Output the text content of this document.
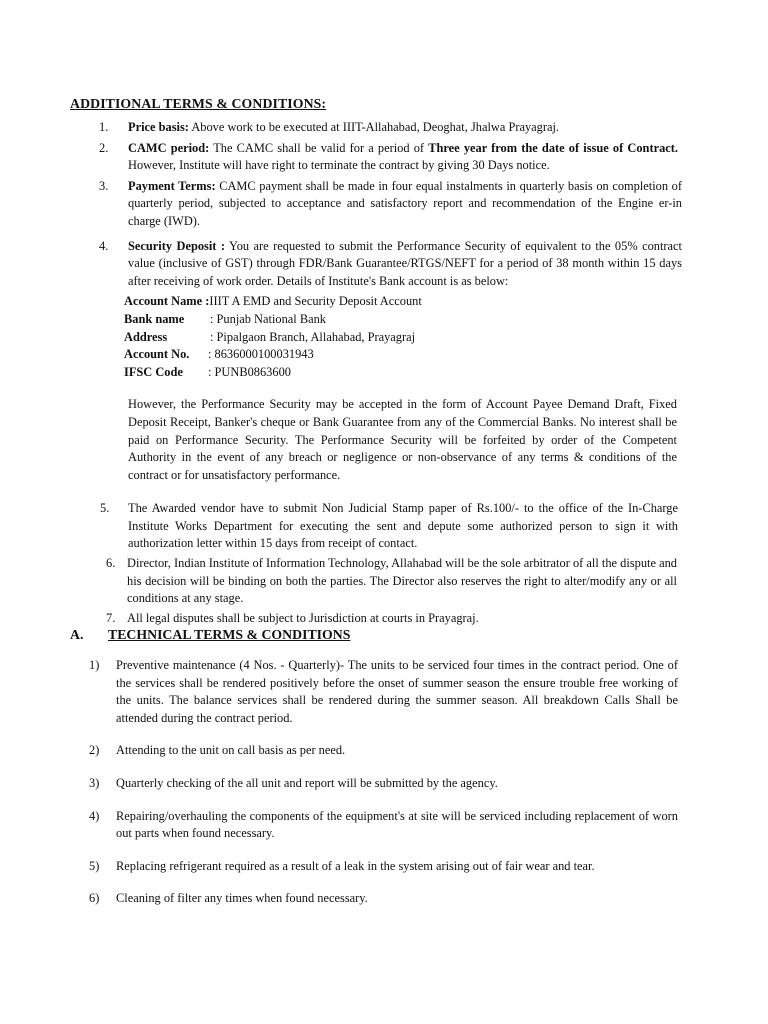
ADDITIONAL TERMS & CONDITIONS:
1. Price basis: Above work to be executed at IIIT-Allahabad, Deoghat, Jhalwa Prayagraj.
2. CAMC period: The CAMC shall be valid for a period of Three year from the date of issue of Contract. However, Institute will have right to terminate the contract by giving 30 Days notice.
3. Payment Terms: CAMC payment shall be made in four equal instalments in quarterly basis on completion of quarterly period, subjected to acceptance and satisfactory report and recommendation of the Engine er-in charge (IWD).
4. Security Deposit : You are requested to submit the Performance Security of equivalent to the 05% contract value (inclusive of GST) through FDR/Bank Guarantee/RTGS/NEFT for a period of 38 month within 15 days after receiving of work order. Details of Institute's Bank account is as below:
Account Name : IIIT A EMD and Security Deposit Account
Bank name	: Punjab National Bank
Address	: Pipalgaon Branch, Allahabad, Prayagraj
Account No.	: 8636000100031943
IFSC Code	: PUNB0863600
However, the Performance Security may be accepted in the form of Account Payee Demand Draft, Fixed Deposit Receipt, Banker's cheque or Bank Guarantee from any of the Commercial Banks. No interest shall be paid on Performance Security. The Performance Security will be forfeited by order of the Competent Authority in the event of any breach or negligence or non-observance of any terms & conditions of the contract or for unsatisfactory performance.
5. The Awarded vendor have to submit Non Judicial Stamp paper of Rs.100/- to the office of the In-Charge Institute Works Department for executing the sent and depute some authorized person to sign it with authorization letter within 15 days from receipt of contact.
6. Director, Indian Institute of Information Technology, Allahabad will be the sole arbitrator of all the dispute and his decision will be binding on both the parties. The Director also reserves the right to alter/modify any or all conditions at any stage.
7. All legal disputes shall be subject to Jurisdiction at courts in Prayagraj.
A. TECHNICAL TERMS & CONDITIONS
1) Preventive maintenance (4 Nos. - Quarterly)- The units to be serviced four times in the contract period. One of the services shall be rendered positively before the onset of summer season the ensure trouble free working of the units. The balance services shall be rendered during the summer season. All breakdown Calls Shall be attended during the contract period.
2) Attending to the unit on call basis as per need.
3) Quarterly checking of the all unit and report will be submitted by the agency.
4) Repairing/overhauling the components of the equipment's at site will be serviced including replacement of worn out parts when found necessary.
5) Replacing refrigerant required as a result of a leak in the system arising out of fair wear and tear.
6) Cleaning of filter any times when found necessary.
